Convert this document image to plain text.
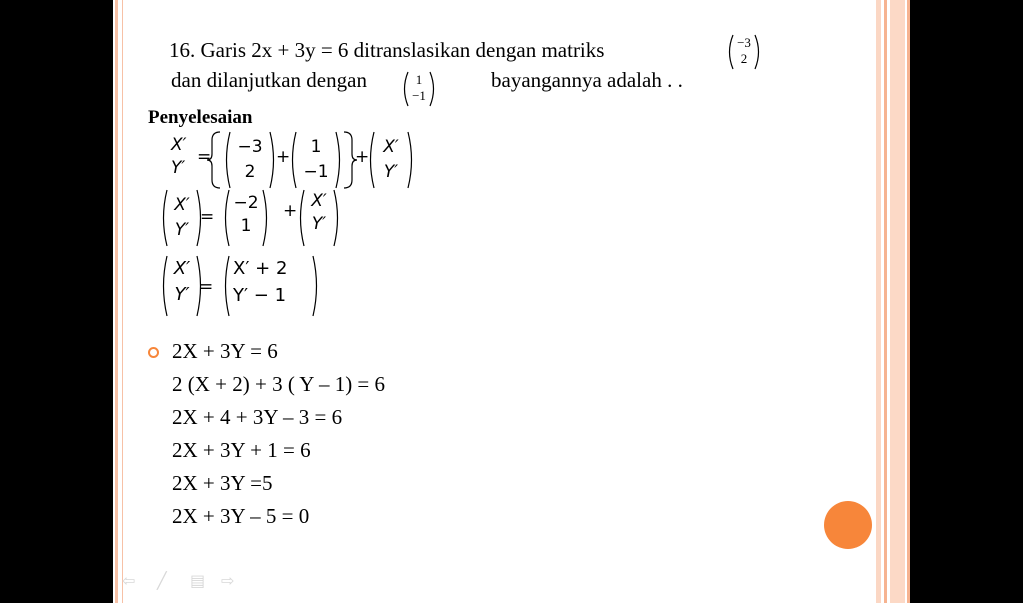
16. Garis 2x + 3y = 6 ditranslasikan dengan matriks	−3
2
dan dilanjutkan dengan	1
−1
bayangannya adalah . .
Penyelesaian
X′
Y′
= −3
2
+ 1
−1
+ X′
Y′
X′
Y′
=
−2
1
+ X′
Y′
X′
Y′ =
X′ + 2
Y′ − 1
2X + 3Y = 6
2 (X + 2) + 3 ( Y – 1) = 6
2X + 4 + 3Y – 3 = 6
2X + 3Y + 1 = 6
2X + 3Y =5
2X + 3Y – 5 = 0
⇦ ╱ ▤ ⇨
